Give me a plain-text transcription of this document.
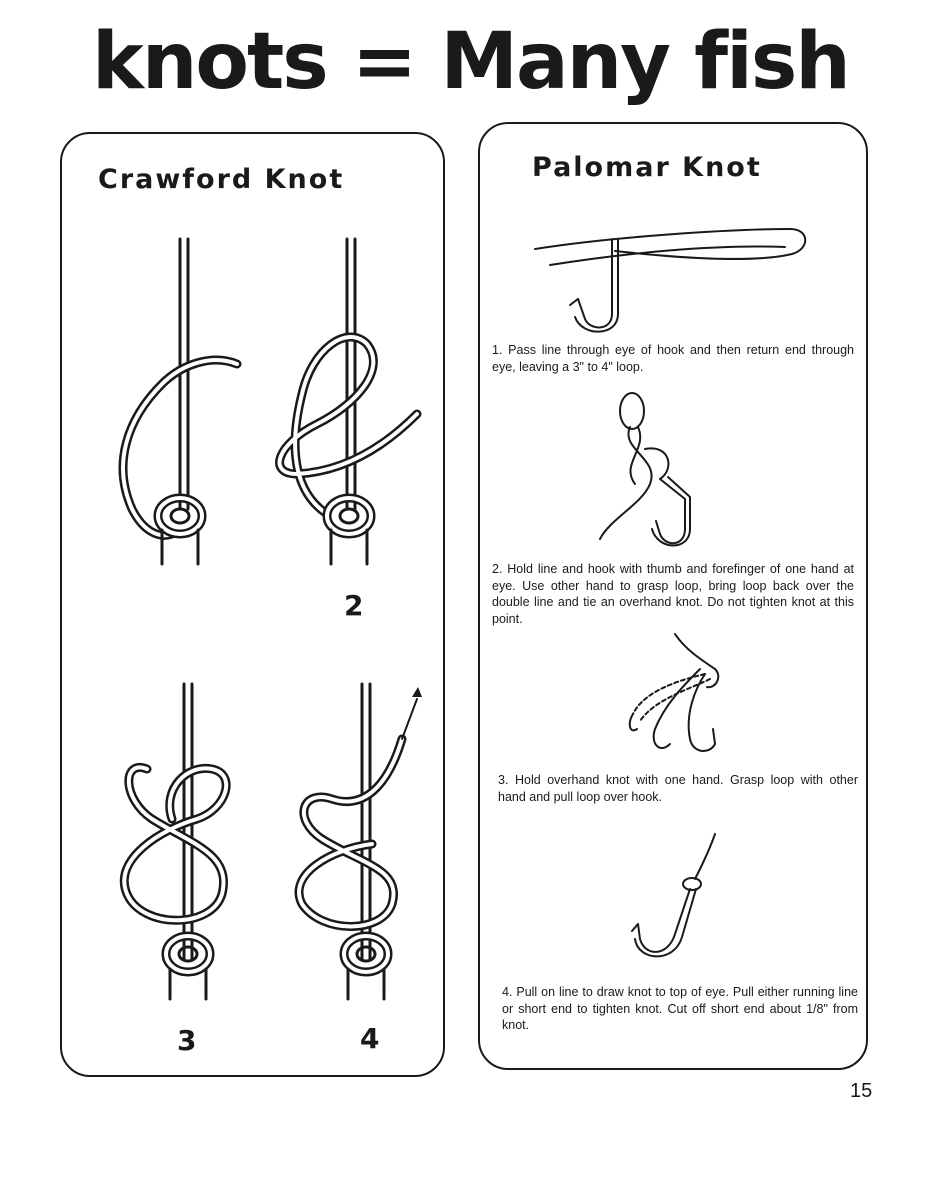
knots = Many fish
Crawford Knot
2
3	4
Palomar Knot
1. Pass line through eye of hook and then return end through eye, leaving a 3" to 4" loop.
2. Hold line and hook with thumb and forefinger of one hand at eye. Use other hand to grasp loop, bring loop back over the double line and tie an overhand knot. Do not tighten knot at this point.
3. Hold overhand knot with one hand. Grasp loop with other hand and pull loop over hook.
4. Pull on line to draw knot to top of eye. Pull either running line or short end to tighten knot. Cut off short end about 1/8" from knot.
15
